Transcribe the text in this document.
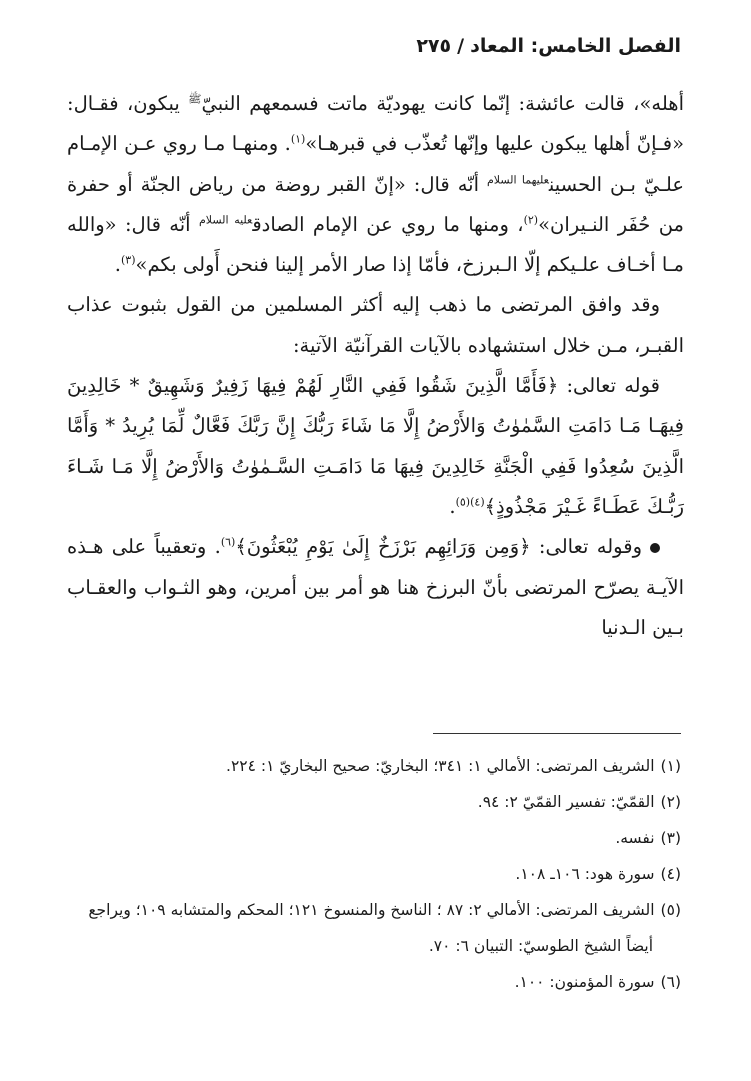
الفصل الخامس: المعاد
/
٢٧٥

أهله»، قالت عائشة: إنّما كانت يهوديّة ماتت فسمعهم النبيّ$^ﷺ$ يبكون، فقـال: «فـإنّ أهلها يبكون عليها وإنّها تُعذّب في قبرهـا»$^{(١)}$. ومنهـا مـا روي عـن الإمـام علـيّ بـن الحسين$^{عليهما السلام}$ أنّه قال: «إنّ القبر روضة من رياض الجنّة أو حفرة من حُفَر النـيران»$^{(٢)}$، ومنها ما روي عن الإمام الصادق$^{عليه السلام}$ أنّه قال: «والله مـا أخـاف علـيكم إلّا الـبرزخ، فأمّا إذا صار الأمر إلينا فنحن أَولى بكم»$^{(٣)}$.

وقد وافق المرتضى ما ذهب إليه أكثر المسلمين من القول بثبوت عذاب القبـر، مـن خلال استشهاده بالآيات القرآنيّة الآتية:

قوله تعالى: ﴿فَأَمَّا الَّذِينَ شَقُوا فَفِي النَّارِ لَهُمْ فِيهَا زَفِيرٌ وَشَهِيقٌ * خَالِدِينَ فِيهَـا مَـا دَامَتِ السَّمٰوٰتُ وَالأَرْضُ إِلَّا مَا شَاءَ رَبُّكَ إِنَّ رَبَّكَ فَعَّالٌ لِّمَا يُرِيدُ * وَأَمَّا الَّذِينَ سُعِدُوا فَفِي الْجَنَّةِ خَالِدِينَ فِيهَا مَا دَامَـتِ السَّـمٰوٰتُ وَالأَرْضُ إِلَّا مَـا شَـاءَ رَبُّـكَ عَطَـاءً غَـيْرَ مَجْذُوذٍ﴾$^{(٤)(٥)}$.

وقوله تعالى: ﴿وَمِن وَرَائِهِم بَرْزَخٌ إِلَىٰ يَوْمِ يُبْعَثُونَ﴾$^{(٦)}$. وتعقيباً على هـذه الآيـة يصرّح المرتضى بأنّ البرزخ هنا هو أمر بين أمرين، وهو الثـواب والعقـاب بـين الـدنيا

(١)الشريف المرتضى: الأمالي ١: ٣٤١؛ البخاريّ: صحيح البخاريّ ١: ٢٢٤.

(٢)القمّيّ: تفسير القمّيّ ٢: ٩٤.

(٣)نفسه.

(٤)سورة هود: ١٠٦ـ ١٠٨.

(٥)الشريف المرتضى: الأمالي ٢: ٨٧ ؛ الناسخ والمنسوخ ١٢١؛ المحكم والمتشابه ١٠٩؛ ويراجع

أيضاً الشيخ الطوسيّ: التبيان ٦: ٧٠.

(٦)سورة المؤمنون: ١٠٠.
